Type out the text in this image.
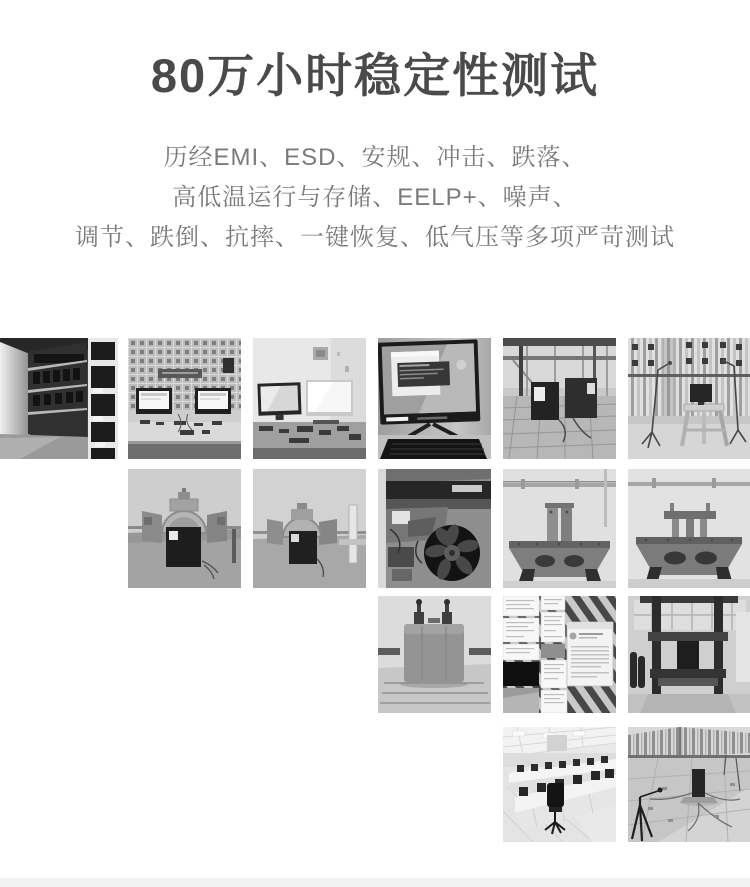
80万小时稳定性测试
历经EMI、ESD、安规、冲击、跌落、
高低温运行与存储、EELP+、噪声、
调节、跌倒、抗摔、一键恢复、低气压等多项严苛测试
